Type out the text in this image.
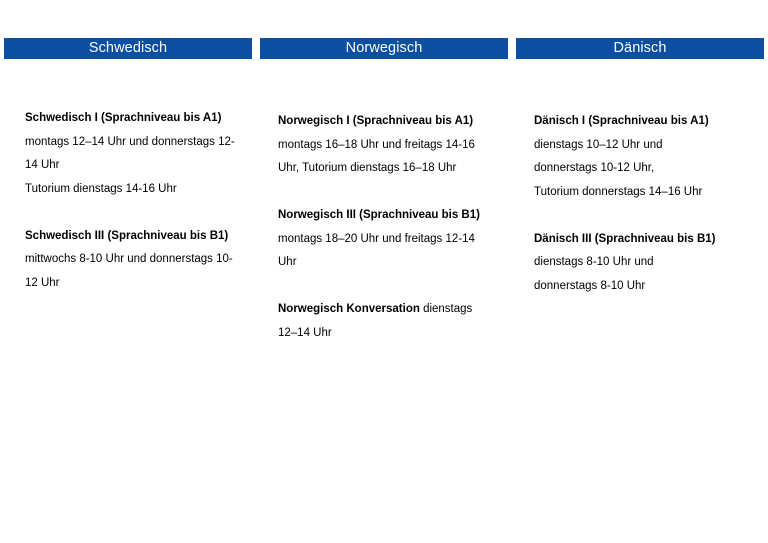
Schwedisch
Schwedisch I (Sprachniveau bis A1)
montags 12–14 Uhr und donnerstags 12-14 Uhr
Tutorium dienstags 14-16 Uhr
Schwedisch III (Sprachniveau bis B1)
mittwochs 8-10 Uhr und donnerstags 10-12 Uhr
Norwegisch
Norwegisch I (Sprachniveau bis A1)
montags 16–18 Uhr und freitags 14-16 Uhr, Tutorium dienstags 16–18 Uhr
Norwegisch III (Sprachniveau bis B1)
montags 18–20 Uhr und freitags 12-14 Uhr
Norwegisch Konversation dienstags 12–14 Uhr
Dänisch
Dänisch I (Sprachniveau bis A1)
dienstags 10–12 Uhr und donnerstags 10-12 Uhr,
Tutorium donnerstags 14–16 Uhr
Dänisch III (Sprachniveau bis B1)
dienstags 8-10 Uhr und donnerstags 8-10 Uhr
